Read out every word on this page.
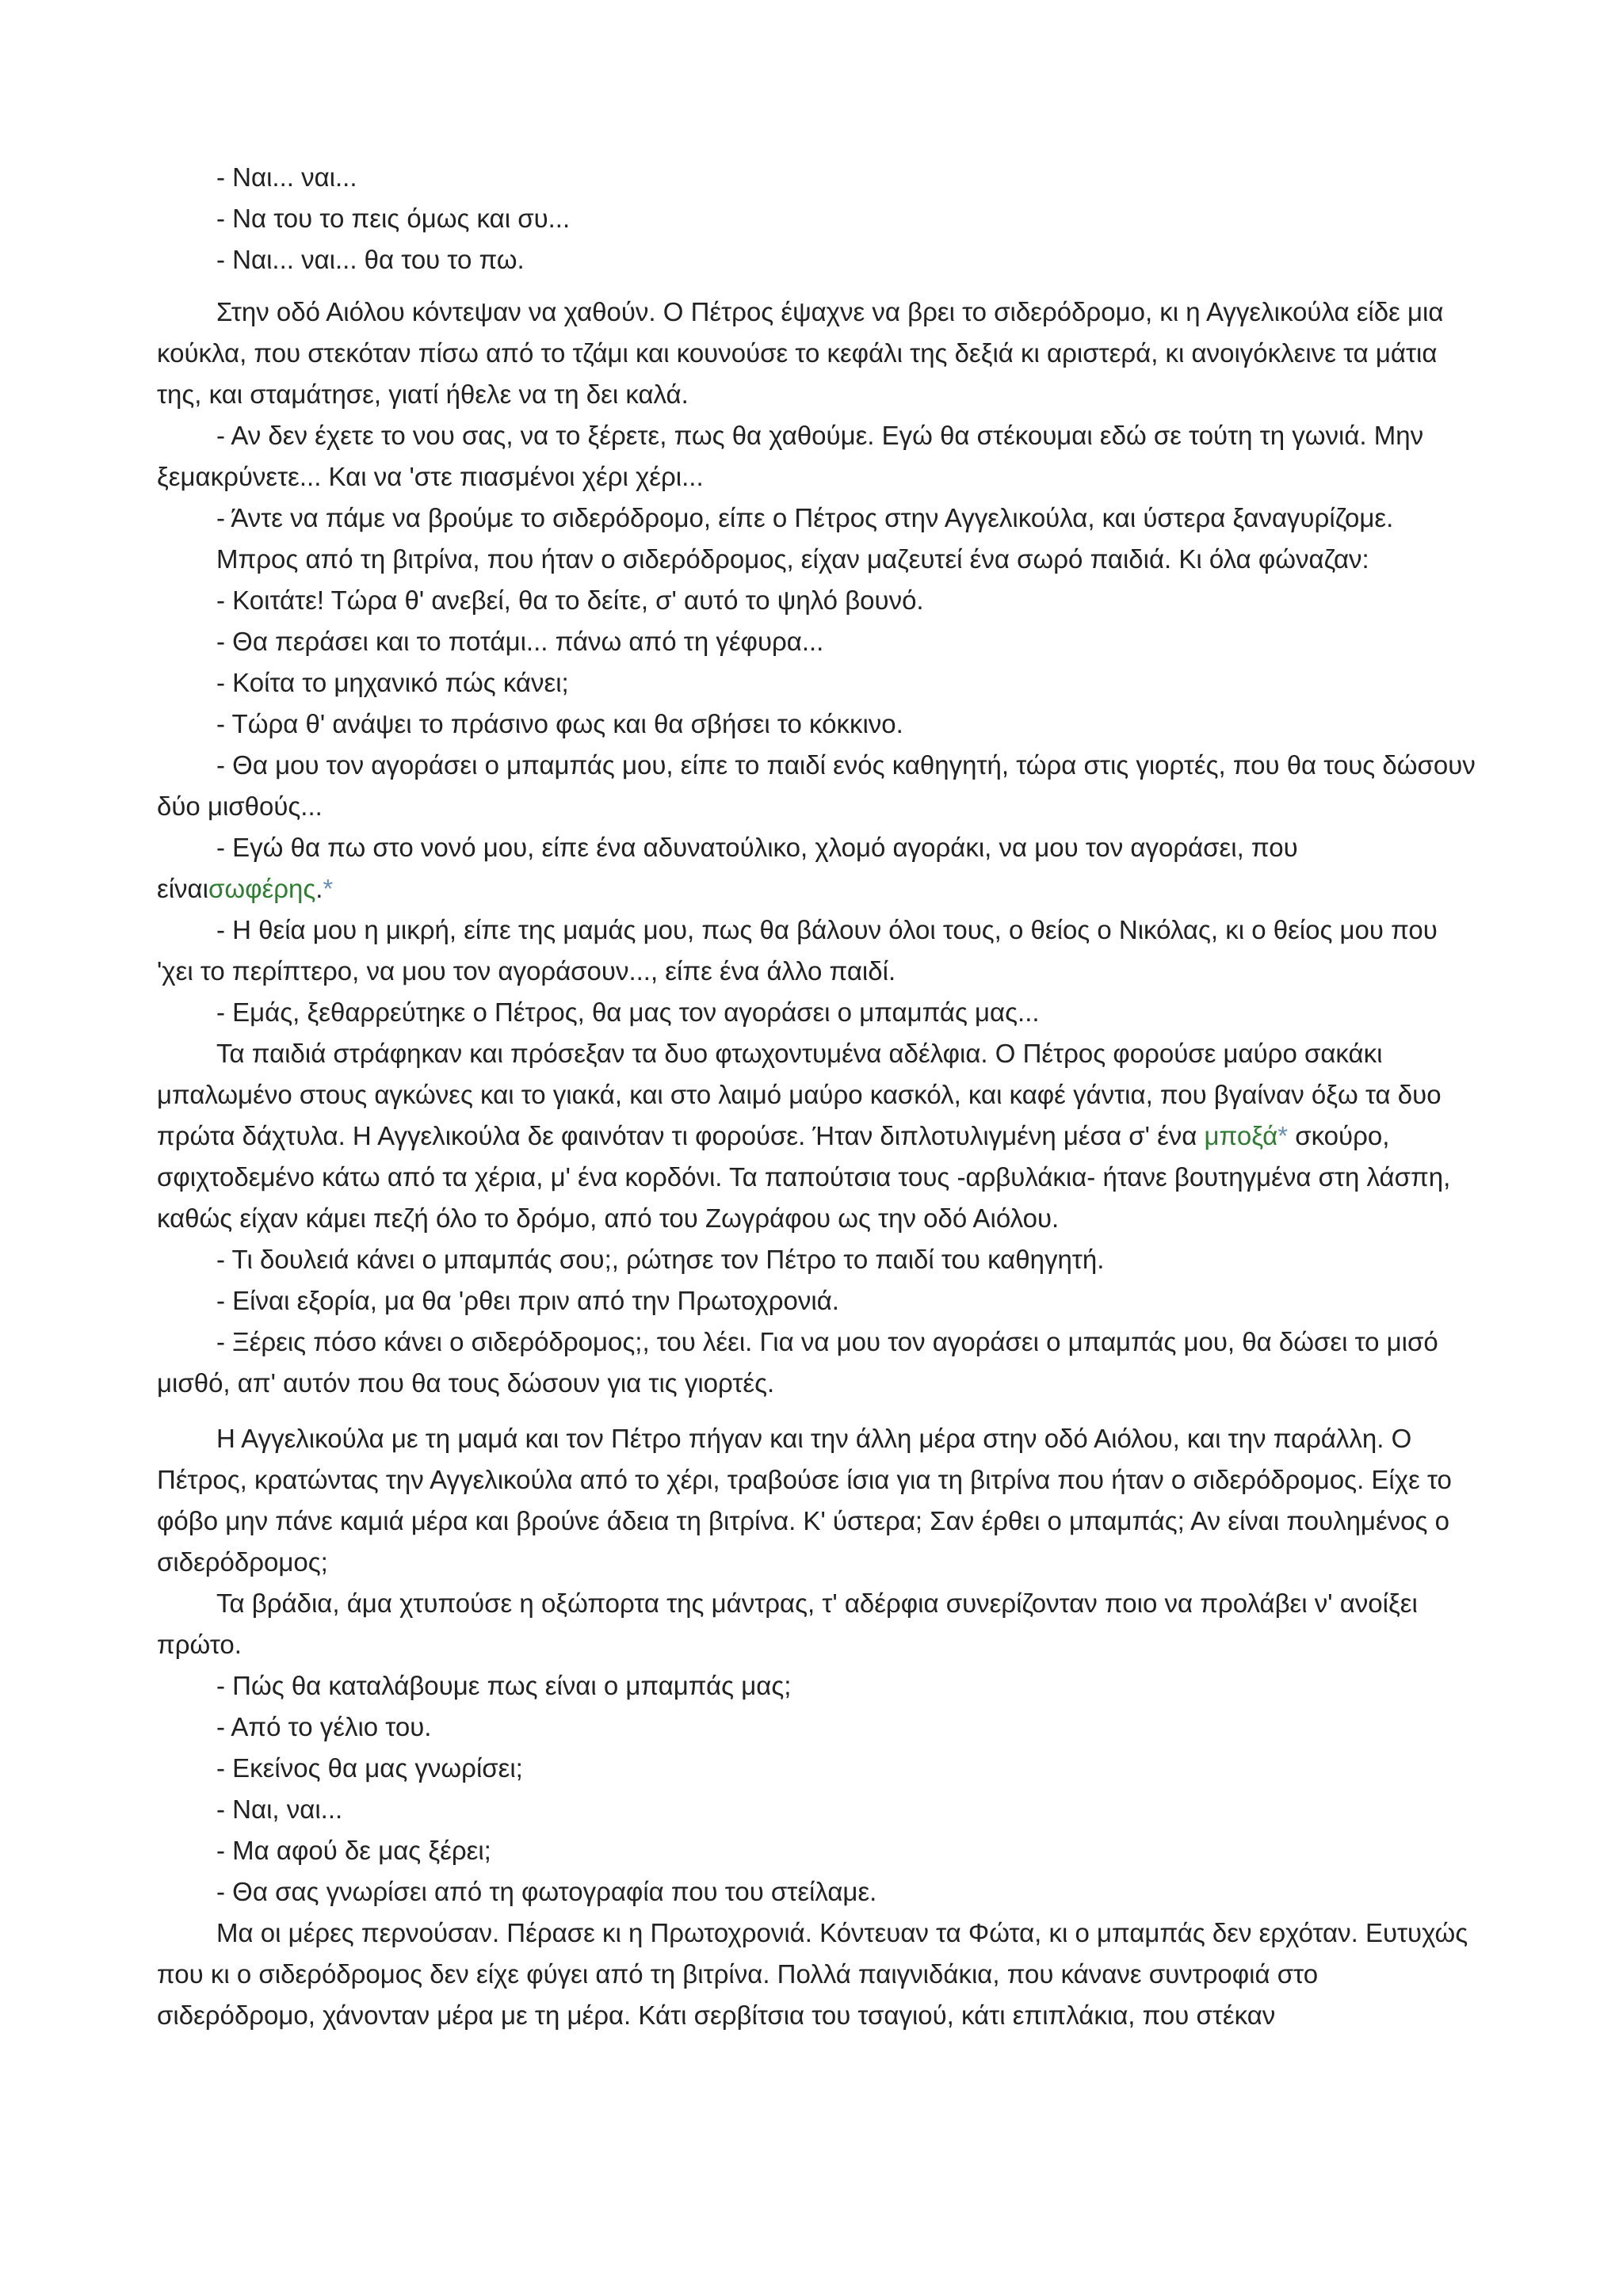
- Ναι... ναι...

- Να του το πεις όμως και συ...

- Ναι... ναι... θα του το πω.

Στην οδό Αιόλου κόντεψαν να χαθούν. Ο Πέτρος έψαχνε να βρει το σιδερόδρομο, κι η Αγγελικούλα είδε μια κούκλα, που στεκόταν πίσω από το τζάμι και κουνούσε το κεφάλι της δεξιά κι αριστερά, κι ανοιγόκλεινε τα μάτια της, και σταμάτησε, γιατί ήθελε να τη δει καλά.

- Αν δεν έχετε το νου σας, να το ξέρετε, πως θα χαθούμε. Εγώ θα στέκουμαι εδώ σε τούτη τη γωνιά. Μην ξεμακρύνετε... Και να 'στε πιασμένοι χέρι χέρι...

- Άντε να πάμε να βρούμε το σιδερόδρομο, είπε ο Πέτρος στην Αγγελικούλα, και ύστερα ξαναγυρίζομε.

Μπρος από τη βιτρίνα, που ήταν ο σιδερόδρομος, είχαν μαζευτεί ένα σωρό παιδιά. Κι όλα φώναζαν:

- Κοιτάτε! Τώρα θ' ανεβεί, θα το δείτε, σ' αυτό το ψηλό βουνό.

- Θα περάσει και το ποτάμι... πάνω από τη γέφυρα...

- Κοίτα το μηχανικό πώς κάνει;

- Τώρα θ' ανάψει το πράσινο φως και θα σβήσει το κόκκινο.

- Θα μου τον αγοράσει ο μπαμπάς μου, είπε το παιδί ενός καθηγητή, τώρα στις γιορτές, που θα τους δώσουν δύο μισθούς...

- Εγώ θα πω στο νονό μου, είπε ένα αδυνατούλικο, χλομό αγοράκι, να μου τον αγοράσει, που είναισωφέρης.*

- Η θεία μου η μικρή, είπε της μαμάς μου, πως θα βάλουν όλοι τους, ο θείος ο Νικόλας, κι ο θείος μου που 'χει το περίπτερο, να μου τον αγοράσουν..., είπε ένα άλλο παιδί.

- Εμάς, ξεθαρρεύτηκε ο Πέτρος, θα μας τον αγοράσει ο μπαμπάς μας...

Τα παιδιά στράφηκαν και πρόσεξαν τα δυο φτωχοντυμένα αδέλφια. Ο Πέτρος φορούσε μαύρο σακάκι μπαλωμένο στους αγκώνες και το γιακά, και στο λαιμό μαύρο κασκόλ, και καφέ γάντια, που βγαίναν όξω τα δυο πρώτα δάχτυλα. Η Αγγελικούλα δε φαινόταν τι φορούσε. Ήταν διπλοτυλιγμένη μέσα σ' ένα μποξά* σκούρο, σφιχτοδεμένο κάτω από τα χέρια, μ' ένα κορδόνι. Τα παπούτσια τους -αρβυλάκια- ήτανε βουτηγμένα στη λάσπη, καθώς είχαν κάμει πεζή όλο το δρόμο, από του Ζωγράφου ως την οδό Αιόλου.

- Τι δουλειά κάνει ο μπαμπάς σου;, ρώτησε τον Πέτρο το παιδί του καθηγητή.

- Είναι εξορία, μα θα 'ρθει πριν από την Πρωτοχρονιά.

- Ξέρεις πόσο κάνει ο σιδερόδρομος;, του λέει. Για να μου τον αγοράσει ο μπαμπάς μου, θα δώσει το μισό μισθό, απ' αυτόν που θα τους δώσουν για τις γιορτές.

Η Αγγελικούλα με τη μαμά και τον Πέτρο πήγαν και την άλλη μέρα στην οδό Αιόλου, και την παράλλη. Ο Πέτρος, κρατώντας την Αγγελικούλα από το χέρι, τραβούσε ίσια για τη βιτρίνα που ήταν ο σιδερόδρομος. Είχε το φόβο μην πάνε καμιά μέρα και βρούνε άδεια τη βιτρίνα. Κ' ύστερα; Σαν έρθει ο μπαμπάς; Αν είναι πουλημένος ο σιδερόδρομος;

Τα βράδια, άμα χτυπούσε η οξώπορτα της μάντρας, τ' αδέρφια συνερίζονταν ποιο να προλάβει ν' ανοίξει πρώτο.

- Πώς θα καταλάβουμε πως είναι ο μπαμπάς μας;

- Από το γέλιο του.

- Εκείνος θα μας γνωρίσει;

- Ναι, ναι...

- Μα αφού δε μας ξέρει;

- Θα σας γνωρίσει από τη φωτογραφία που του στείλαμε.

Μα οι μέρες περνούσαν. Πέρασε κι η Πρωτοχρονιά. Κόντευαν τα Φώτα, κι ο μπαμπάς δεν ερχόταν. Ευτυχώς που κι ο σιδερόδρομος δεν είχε φύγει από τη βιτρίνα. Πολλά παιγνιδάκια, που κάνανε συντροφιά στο σιδερόδρομο, χάνονταν μέρα με τη μέρα. Κάτι σερβίτσια του τσαγιού, κάτι επιπλάκια, που στέκαν
